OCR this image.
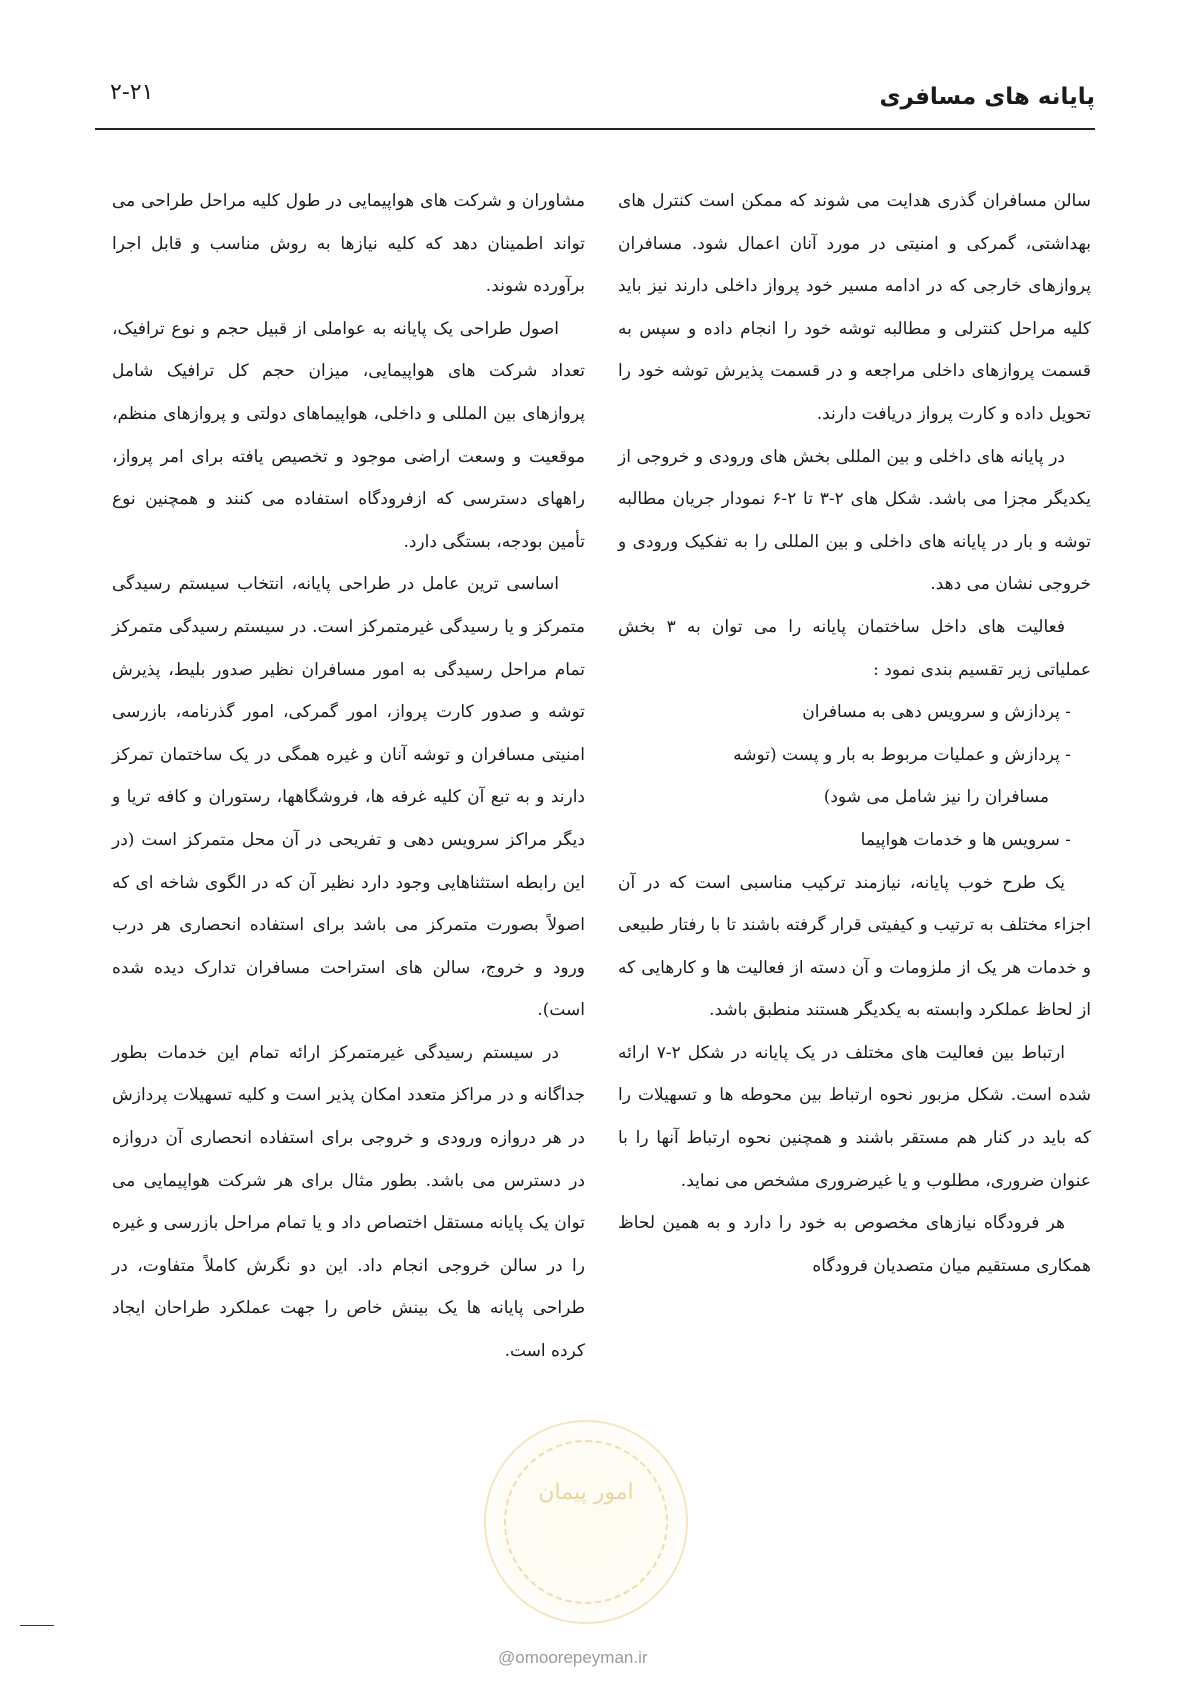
پایانه های مسافری
۲-۲۱

سالن مسافران گذری هدایت می شوند که ممکن است کنترل های بهداشتی، گمرکی و امنیتی در مورد آنان اعمال شود. مسافران پروازهای خارجی که در ادامه مسیر خود پرواز داخلی دارند نیز باید کلیه مراحل کنترلی و مطالبه توشه خود را انجام داده و سپس به قسمت پروازهای داخلی مراجعه و در قسمت پذیرش توشه خود را تحویل داده و کارت پرواز دریافت دارند.

در پایانه های داخلی و بین المللی بخش های ورودی و خروجی از یکدیگر مجزا می باشد. شکل های ۲-۳ تا ۲-۶ نمودار جریان مطالبه توشه و بار در پایانه های داخلی و بین المللی را به تفکیک ورودی و خروجی نشان می دهد.

فعالیت های داخل ساختمان پایانه را می توان به ۳ بخش عملیاتی زیر تقسیم بندی نمود :

- پردازش و سرویس دهی به مسافران

- پردازش و عملیات مربوط به بار و پست (توشه

مسافران را نیز شامل می شود)

- سرویس ها و خدمات هواپیما

یک طرح خوب پایانه، نیازمند ترکیب مناسبی است که در آن اجزاء مختلف به ترتیب و کیفیتی قرار گرفته باشند تا با رفتار طبیعی و خدمات هر یک از ملزومات و آن دسته از فعالیت ها و کارهایی که از لحاظ عملکرد وابسته به یکدیگر هستند منطبق باشد.

ارتباط بین فعالیت های مختلف در یک پایانه در شکل ۲-۷ ارائه شده است. شکل مزبور نحوه ارتباط بین محوطه ها و تسهیلات را که باید در کنار هم مستقر باشند و همچنین نحوه ارتباط آنها را با عنوان ضروری، مطلوب و یا غیرضروری مشخص می نماید.

هر فرودگاه نیازهای مخصوص به خود را دارد و به همین لحاظ همکاری مستقیم میان متصدیان فرودگاه

مشاوران و شرکت های هواپیمایی در طول کلیه مراحل طراحی می تواند اطمینان دهد که کلیه نیازها به روش مناسب و قابل اجرا برآورده شوند.

اصول طراحی یک پایانه به عواملی از قبیل حجم و نوع ترافیک، تعداد شرکت های هواپیمایی، میزان حجم کل ترافیک شامل پروازهای بین المللی و داخلی، هواپیماهای دولتی و پروازهای منظم، موقعیت و وسعت اراضی موجود و تخصیص یافته برای امر پرواز، راههای دسترسی که ازفرودگاه استفاده می کنند و همچنین نوع تأمین بودجه، بستگی دارد.

اساسی ترین عامل در طراحی پایانه، انتخاب سیستم رسیدگی متمرکز و یا رسیدگی غیرمتمرکز است. در سیستم رسیدگی متمرکز تمام مراحل رسیدگی به امور مسافران نظیر صدور بلیط، پذیرش توشه و صدور کارت پرواز، امور گمرکی، امور گذرنامه، بازرسی امنیتی مسافران و توشه آنان و غیره همگی در یک ساختمان تمرکز دارند و به تبع آن کلیه غرفه ها، فروشگاهها، رستوران و کافه تریا و دیگر مراکز سرویس دهی و تفریحی در آن محل متمرکز است (در این رابطه استثناهایی وجود دارد نظیر آن که در الگوی شاخه ای که اصولاً بصورت متمرکز می باشد برای استفاده انحصاری هر درب ورود و خروج، سالن های استراحت مسافران تدارک دیده شده است).

در سیستم رسیدگی غیرمتمرکز ارائه تمام این خدمات بطور جداگانه و در مراکز متعدد امکان پذیر است و کلیه تسهیلات پردازش در هر دروازه ورودی و خروجی برای استفاده انحصاری آن دروازه در دسترس می باشد. بطور مثال برای هر شرکت هواپیمایی می توان یک پایانه مستقل اختصاص داد و یا تمام مراحل بازرسی و غیره را در سالن خروجی انجام داد. این دو نگرش کاملاً متفاوت، در طراحی پایانه ها یک بینش خاص را جهت عملکرد طراحان ایجاد کرده است.

امور پیمان
@omoorepeyman.ir
